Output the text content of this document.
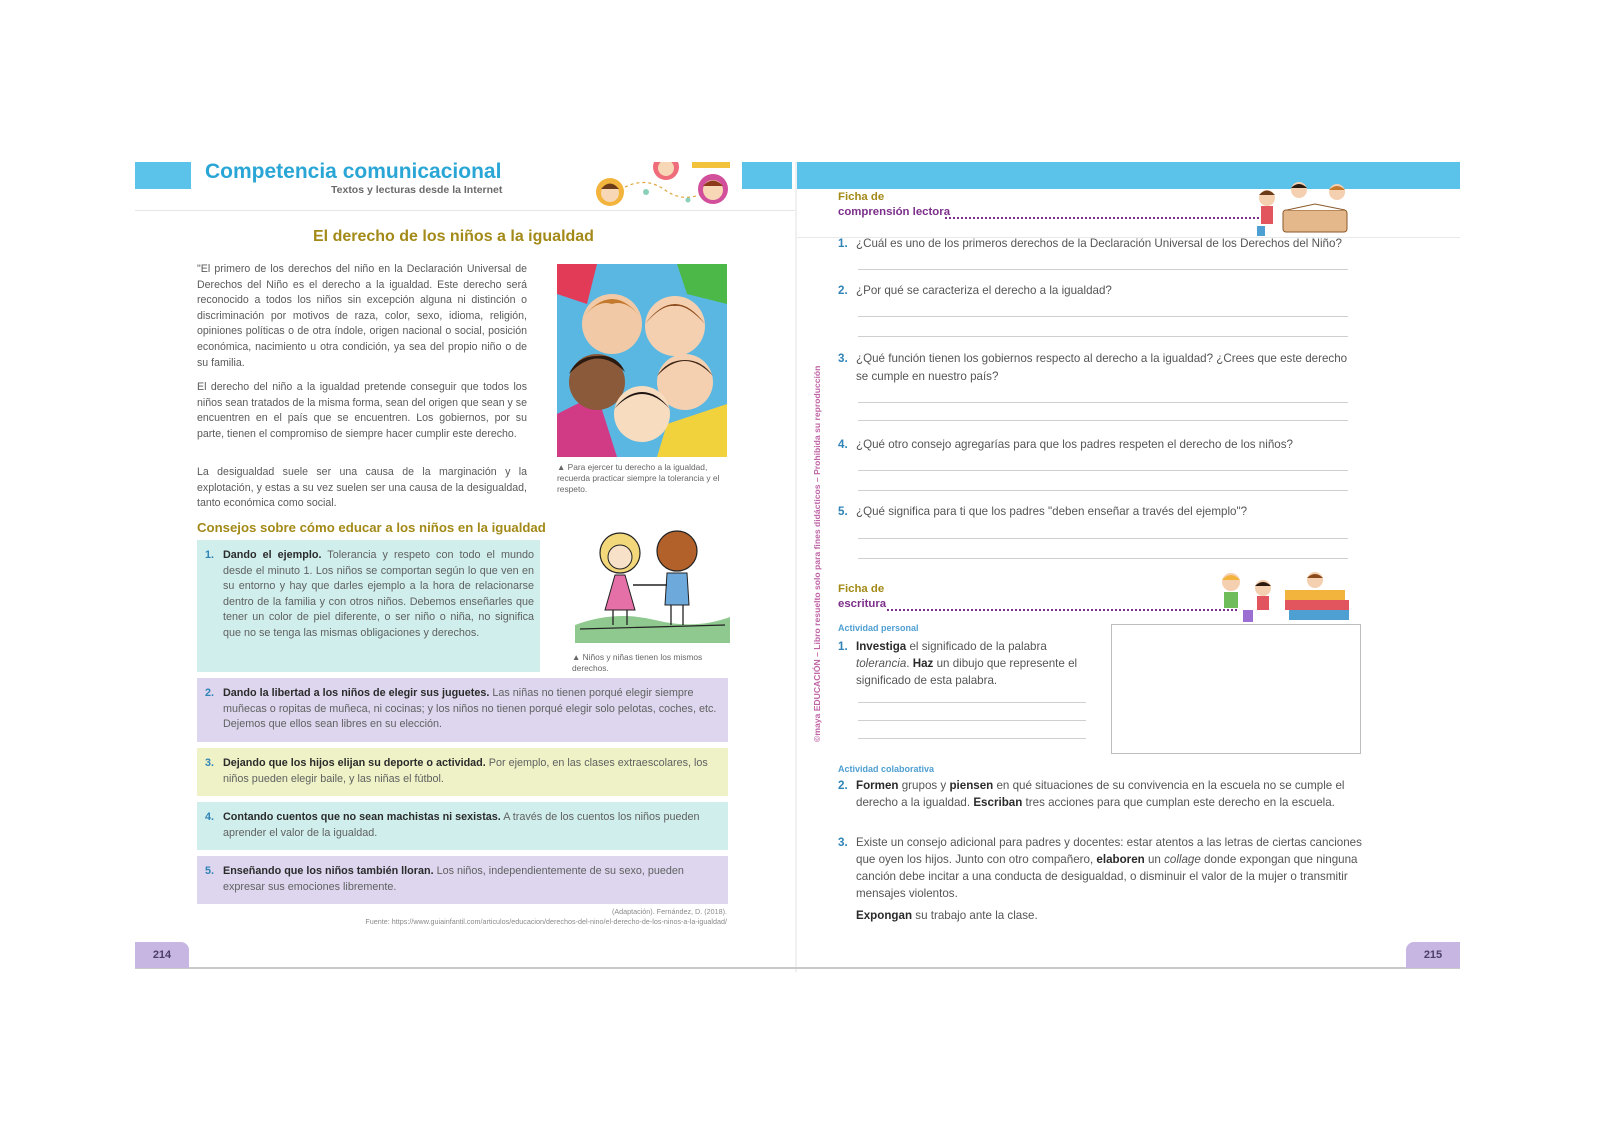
Competencia comunicacional
Textos y lecturas desde la Internet
El derecho de los niños a la igualdad

"El primero de los derechos del niño en la Declaración Universal de Derechos del Niño es el derecho a la igualdad. Este derecho será reconocido a todos los niños sin excepción alguna ni distinción o discriminación por motivos de raza, color, sexo, idioma, religión, opiniones políticas o de otra índole, origen nacional o social, posición económica, nacimiento u otra condición, ya sea del propio niño o de su familia.

El derecho del niño a la igualdad pretende conseguir que todos los niños sean tratados de la misma forma, sean del origen que sean y se encuentren en el país que se encuentren. Los gobiernos, por su parte, tienen el compromiso de siempre hacer cumplir este derecho.

La desigualdad suele ser una causa de la marginación y la explotación, y estas a su vez suelen ser una causa de la desigualdad, tanto económica como social.

▲ Para ejercer tu derecho a la igualdad, recuerda practicar siempre la tolerancia y el respeto.
Consejos sobre cómo educar a los niños en la igualdad
▲ Niños y niñas tienen los mismos derechos.
1. Dando el ejemplo. Tolerancia y respeto con todo el mundo desde el minuto 1. Los niños se comportan según lo que ven en su entorno y hay que darles ejemplo a la hora de relacionarse dentro de la familia y con otros niños. Debemos enseñarles que tener un color de piel diferente, o ser niño o niña, no significa que no se tenga las mismas obligaciones y derechos.
2. Dando la libertad a los niños de elegir sus juguetes. Las niñas no tienen porqué elegir siempre muñecas o ropitas de muñeca, ni cocinas; y los niños no tienen porqué elegir solo pelotas, coches, etc. Dejemos que ellos sean libres en su elección.
3. Dejando que los hijos elijan su deporte o actividad. Por ejemplo, en las clases extraescolares, los niños pueden elegir baile, y las niñas el fútbol.
4. Contando cuentos que no sean machistas ni sexistas. A través de los cuentos los niños pueden aprender el valor de la igualdad.
5. Enseñando que los niños también lloran. Los niños, independientemente de su sexo, pueden expresar sus emociones libremente.
(Adaptación). Fernández, D. (2018).
Fuente: https://www.guiainfantil.com/articulos/educacion/derechos-del-nino/el-derecho-de-los-ninos-a-la-igualdad/
214
©maya EDUCACIÓN – Libro resuelto solo para fines didácticos – Prohibida su reproducción
Ficha de
comprensión lectora
1. ¿Cuál es uno de los primeros derechos de la Declaración Universal de los Derechos del Niño?
2. ¿Por qué se caracteriza el derecho a la igualdad?
3. ¿Qué función tienen los gobiernos respecto al derecho a la igualdad? ¿Crees que este derecho se cumple en nuestro país?
4. ¿Qué otro consejo agregarías para que los padres respeten el derecho de los niños?
5. ¿Qué significa para ti que los padres "deben enseñar a través del ejemplo"?
Ficha de
escritura
Actividad personal
1. Investiga el significado de la palabra tolerancia. Haz un dibujo que represente el significado de esta palabra.
Actividad colaborativa
2. Formen grupos y piensen en qué situaciones de su convivencia en la escuela no se cumple el derecho a la igualdad. Escriban tres acciones para que cumplan este derecho en la escuela.
3. Existe un consejo adicional para padres y docentes: estar atentos a las letras de ciertas canciones que oyen los hijos. Junto con otro compañero, elaboren un collage donde expongan que ninguna canción debe incitar a una conducta de desigualdad, o disminuir el valor de la mujer o transmitir mensajes violentos.
Expongan su trabajo ante la clase.
215
